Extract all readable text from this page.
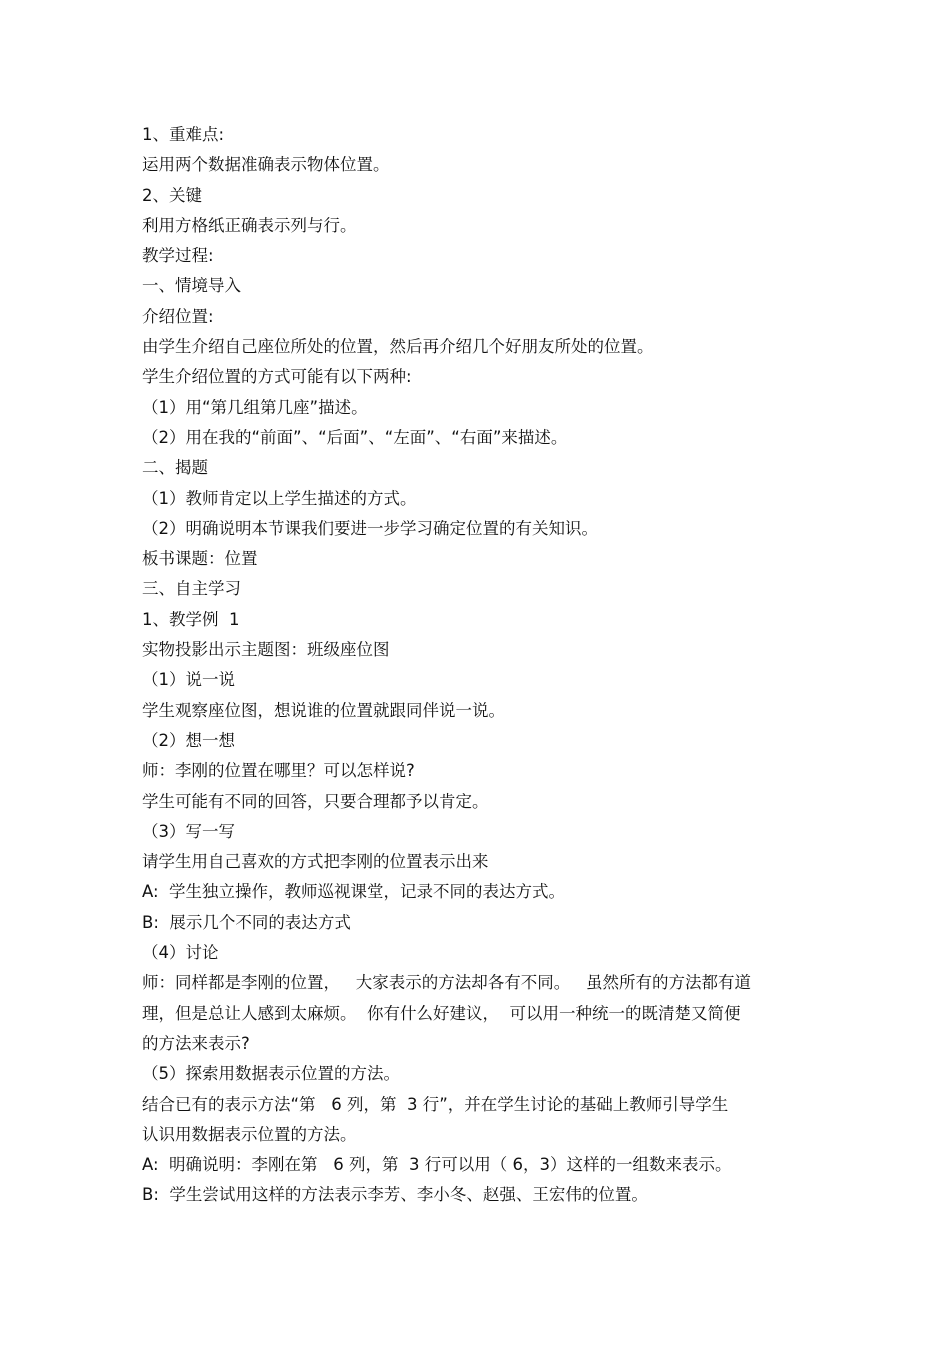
1、重难点:
运用两个数据准确表示物体位置。
2、关键
利用方格纸正确表示列与行。
教学过程:
一、情境导入
介绍位置:
由学生介绍自己座位所处的位置，然后再介绍几个好朋友所处的位置。
学生介绍位置的方式可能有以下两种:
（1）用“第几组第几座”描述。
（2）用在我的“前面”、“后面”、“左面”、“右面”来描述。
二、揭题
（1）教师肯定以上学生描述的方式。
（2）明确说明本节课我们要进一步学习确定位置的有关知识。
板书课题：位置
三、自主学习
1、教学例  1
实物投影出示主题图：班级座位图
（1）说一说
学生观察座位图，想说谁的位置就跟同伴说一说。
（2）想一想
师：李刚的位置在哪里？可以怎样说?
学生可能有不同的回答，只要合理都予以肯定。
（3）写一写
请学生用自己喜欢的方式把李刚的位置表示出来
A:  学生独立操作，教师巡视课堂，记录不同的表达方式。
B:  展示几个不同的表达方式
（4）讨论
师：同样都是李刚的位置，   大家表示的方法却各有不同。   虽然所有的方法都有道
理，但是总让人感到太麻烦。  你有什么好建议，  可以用一种统一的既清楚又简便
的方法来表示?
（5）探索用数据表示位置的方法。
结合已有的表示方法“第   6 列，第  3 行”，并在学生讨论的基础上教师引导学生
认识用数据表示位置的方法。
A:  明确说明：李刚在第   6 列，第  3 行可以用（ 6，3）这样的一组数来表示。
B:  学生尝试用这样的方法表示李芳、李小冬、赵强、王宏伟的位置。
